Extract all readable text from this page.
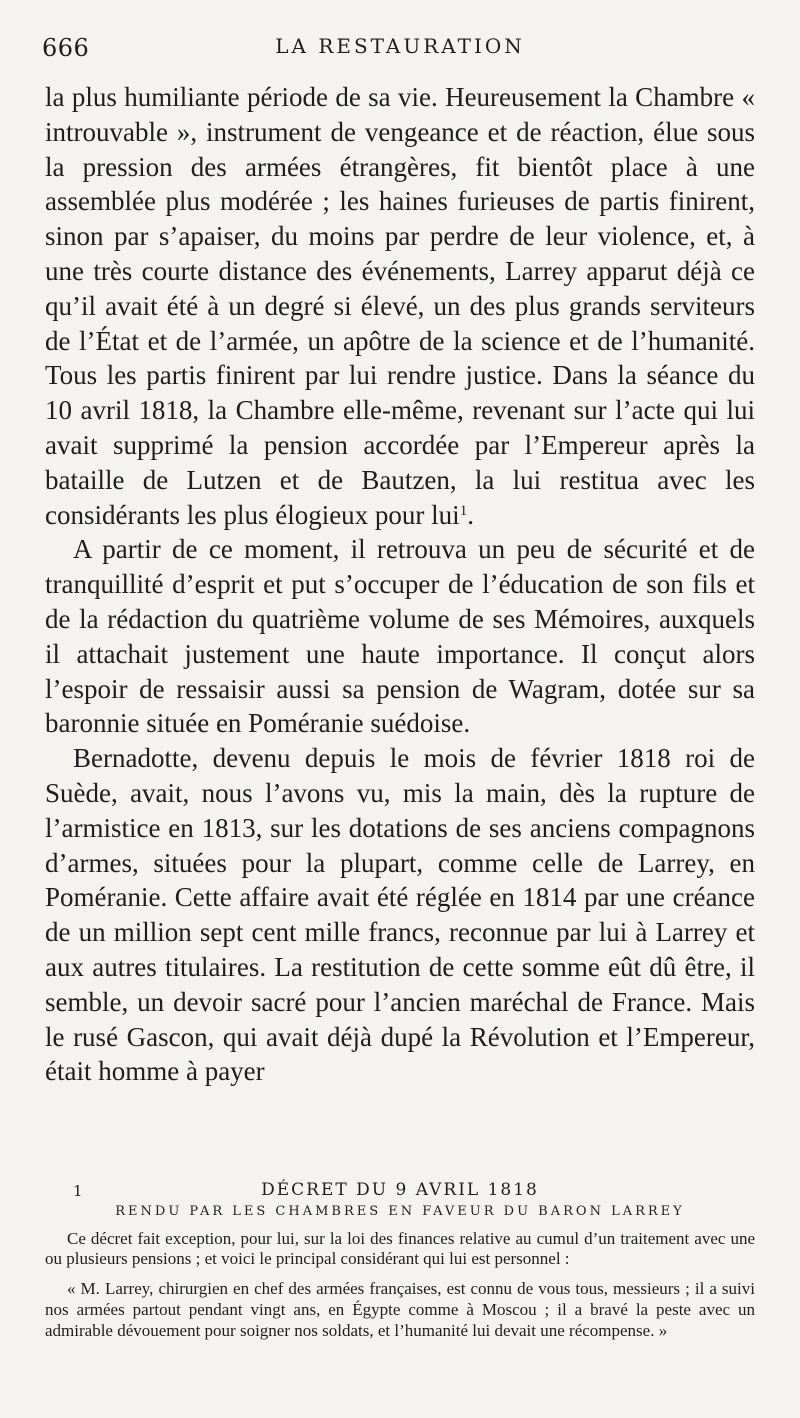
666	LA RESTAURATION

la plus humiliante période de sa vie. Heureusement la Chambre « introuvable », instrument de vengeance et de réaction, élue sous la pression des armées étrangères, fit bientôt place à une assemblée plus modérée ; les haines furieuses de partis finirent, sinon par s’apaiser, du moins par perdre de leur violence, et, à une très courte distance des événements, Larrey apparut déjà ce qu’il avait été à un degré si élevé, un des plus grands serviteurs de l’État et de l’armée, un apôtre de la science et de l’humanité. Tous les partis finirent par lui rendre justice. Dans la séance du 10 avril 1818, la Chambre elle-même, revenant sur l’acte qui lui avait supprimé la pension accordée par l’Empereur après la bataille de Lutzen et de Bautzen, la lui restitua avec les considérants les plus élogieux pour lui$^1$.

A partir de ce moment, il retrouva un peu de sécurité et de tranquillité d’esprit et put s’occuper de l’éducation de son fils et de la rédaction du quatrième volume de ses Mémoires, auxquels il attachait justement une haute importance. Il conçut alors l’espoir de ressaisir aussi sa pension de Wagram, dotée sur sa baronnie située en Poméranie suédoise.

Bernadotte, devenu depuis le mois de février 1818 roi de Suède, avait, nous l’avons vu, mis la main, dès la rupture de l’armistice en 1813, sur les dotations de ses anciens compagnons d’armes, situées pour la plupart, comme celle de Larrey, en Poméranie. Cette affaire avait été réglée en 1814 par une créance de un million sept cent mille francs, reconnue par lui à Larrey et aux autres titulaires. La restitution de cette somme eût dû être, il semble, un devoir sacré pour l’ancien maréchal de France. Mais le rusé Gascon, qui avait déjà dupé la Révolution et l’Empereur, était homme à payer

1	DÉCRET DU 9 AVRIL 1818

RENDU PAR LES CHAMBRES EN FAVEUR DU BARON LARREY

Ce décret fait exception, pour lui, sur la loi des finances relative au cumul d’un traitement avec une ou plusieurs pensions ; et voici le principal considérant qui lui est personnel :

« M. Larrey, chirurgien en chef des armées françaises, est connu de vous tous, messieurs ; il a suivi nos armées partout pendant vingt ans, en Égypte comme à Moscou ; il a bravé la peste avec un admirable dévouement pour soigner nos soldats, et l’humanité lui devait une récompense. »
